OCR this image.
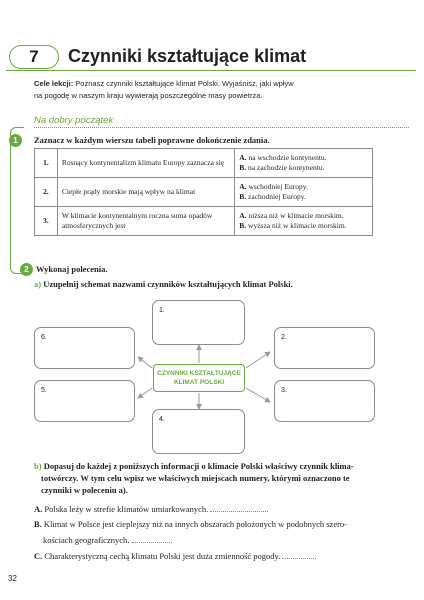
7	Czynniki kształtujące klimat
Cele lekcji: Poznasz czynniki kształtujące klimat Polski. Wyjaśnisz, jaki wpływ
na pogodę w naszym kraju wywierają poszczególne masy powietrza.
Na dobry początek
1	Zaznacz w każdym wierszu tabeli poprawne dokończenie zdania.
1.	Rosnący kontynentalizm klimatu Europy zaznacza się	A. na wschodzie kontynentu.
B. na zachodzie kontynentu.

2.	Ciepłe prądy morskie mają wpływ na klimat	A. wschodniej Europy.
B. zachodniej Europy.

3.	W klimacie kontynentalnym roczna suma opadów atmosferycznych jest	A. niższa niż w klimacie morskim.
B. wyższa niż w klimacie morskim.
2 Wykonaj polecenia.
a) Uzupełnij schemat nazwami czynników kształtujących klimat Polski.
1.
2.
3.
4.
5.
6.
CZYNNIKI KSZTAŁTUJĄCE
KLIMAT POLSKI
b) Dopasuj do każdej z poniższych informacji o klimacie Polski właściwy czynnik klima-
totwórczy. W tym celu wpisz we właściwych miejscach numery, którymi oznaczono te
czynniki w poleceniu a).
A. Polska leży w strefie klimatów umiarkowanych.
B. Klimat w Polsce jest cieplejszy niż na innych obszarach położonych w podobnych szero-
kościach geograficznych.
C. Charakterystyczną cechą klimatu Polski jest duża zmienność pogody.
32
